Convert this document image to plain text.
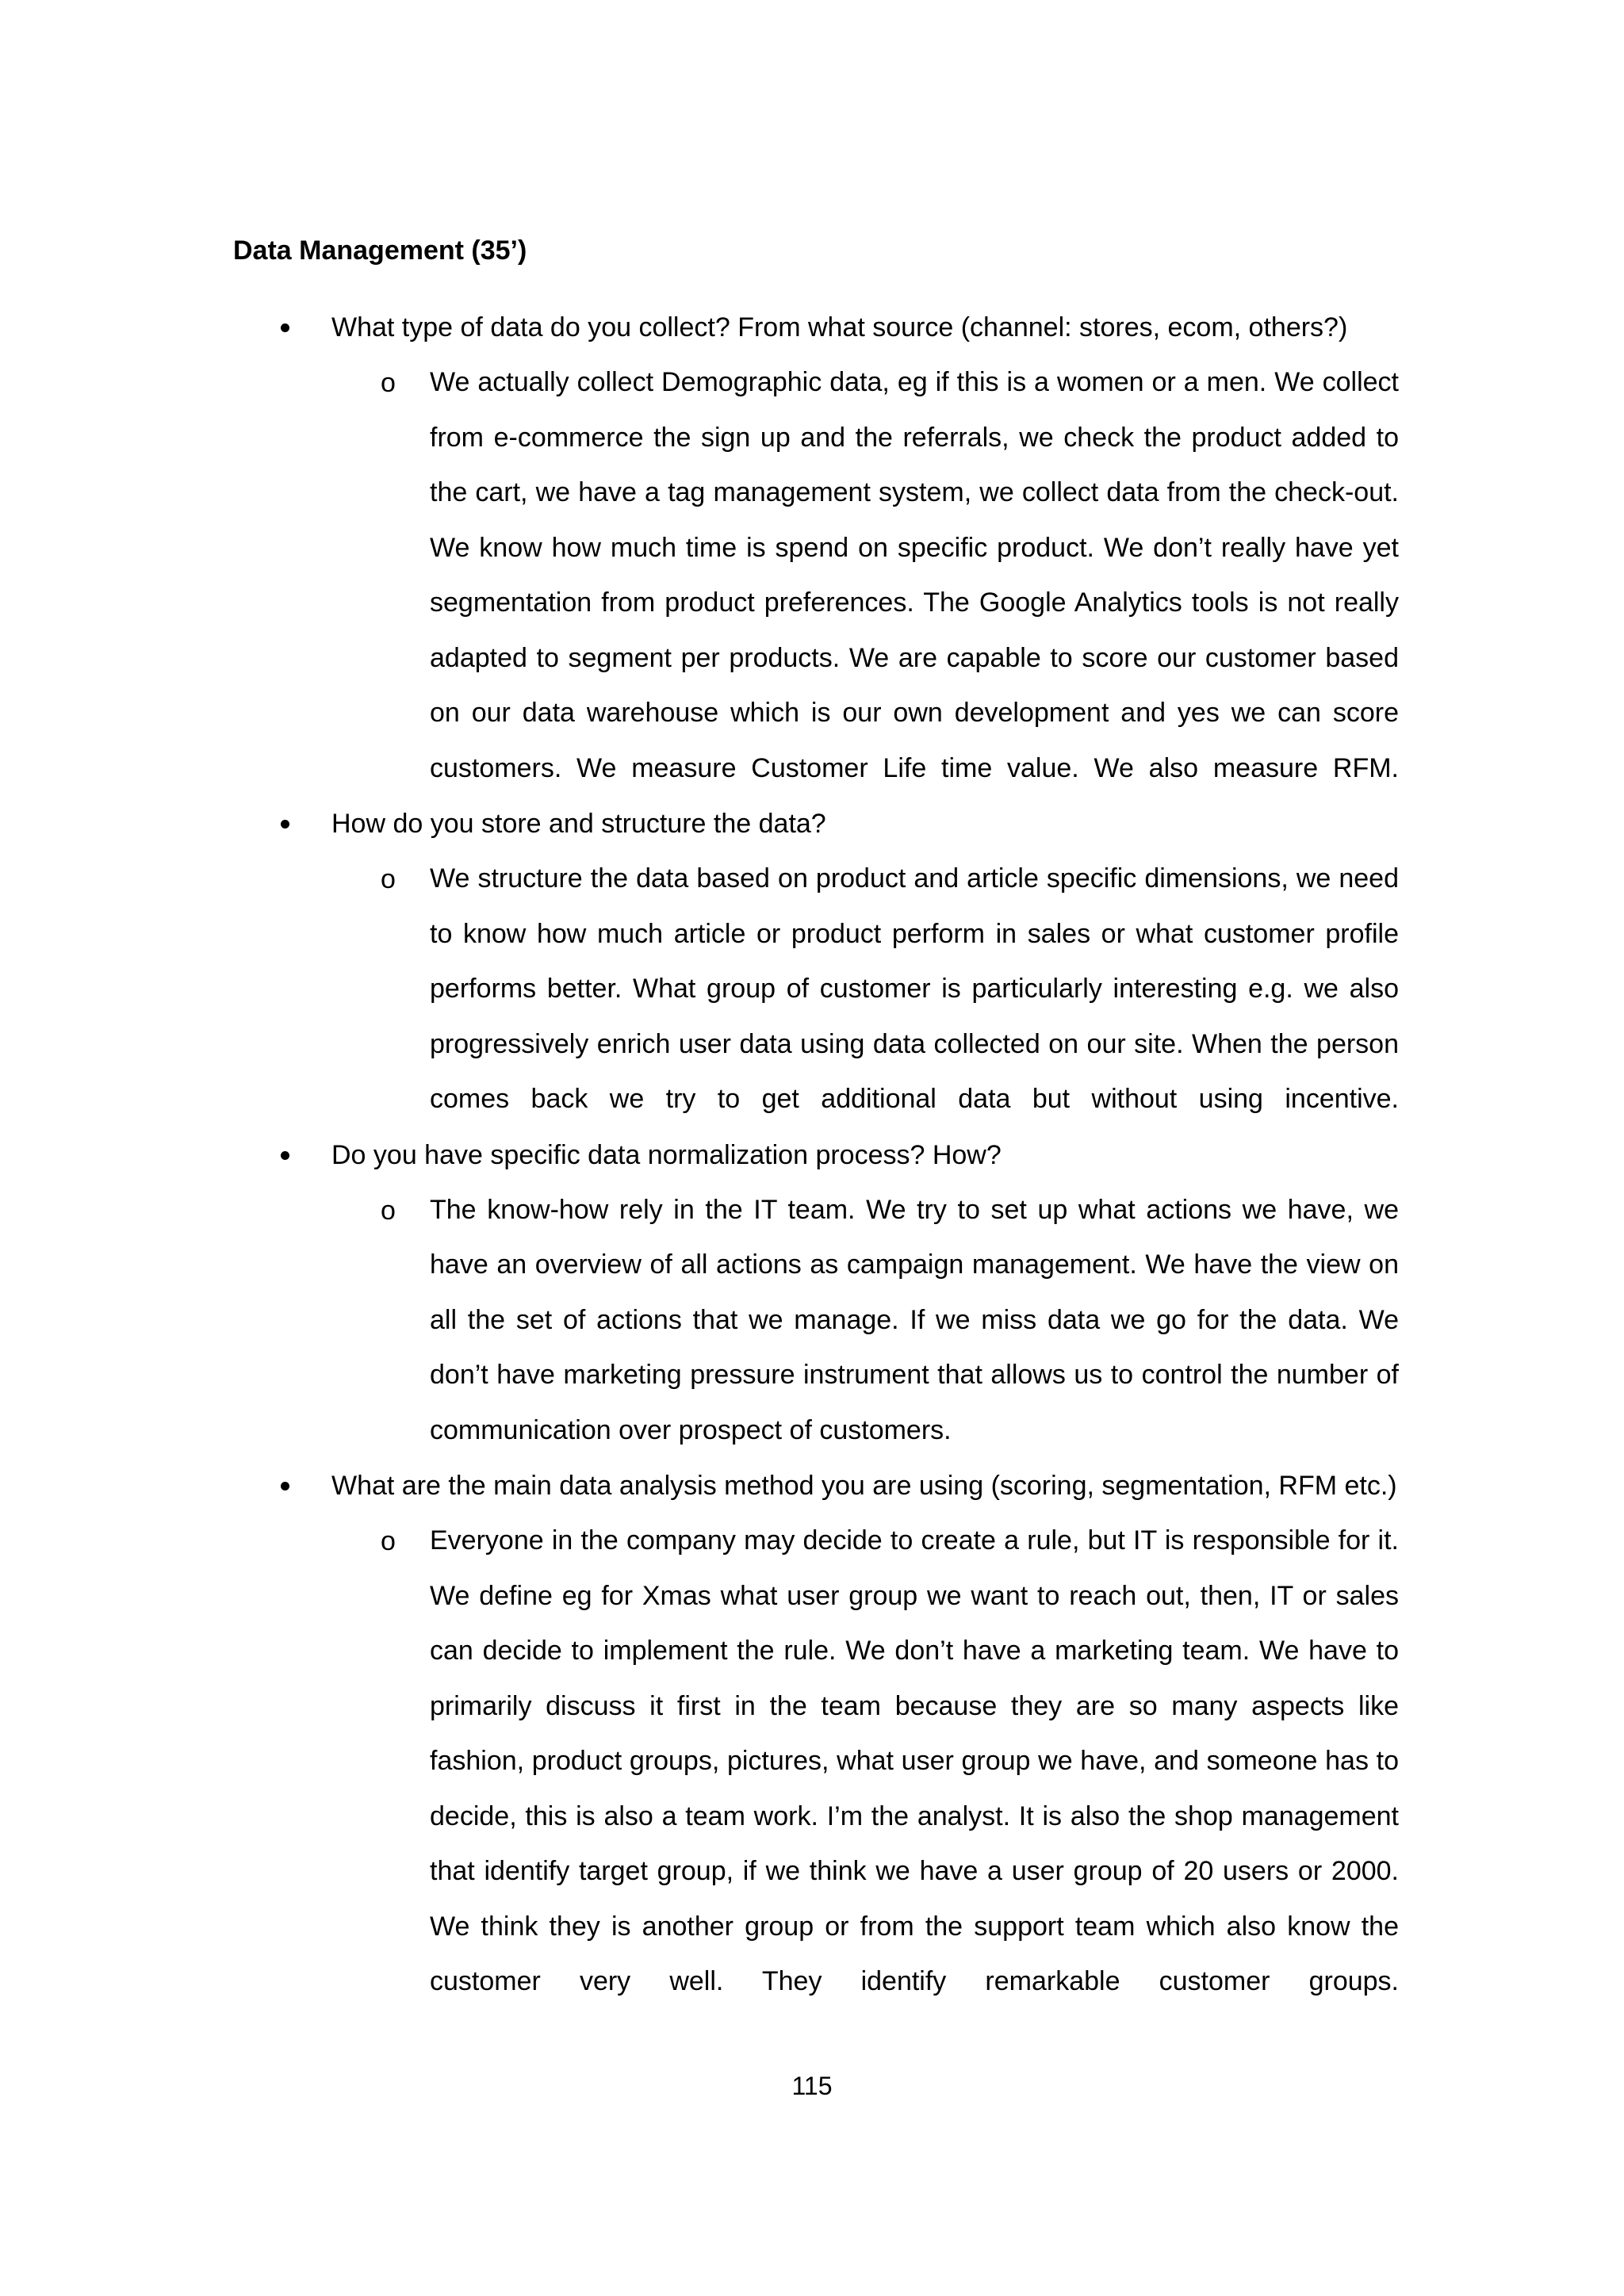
Data Management (35’)
What type of data do you collect? From what source (channel: stores, ecom, others?)
o We actually collect Demographic data, eg if this is a women or a men. We collect from e-commerce the sign up and the referrals, we check the product added to the cart, we have a tag management system, we collect data from the check-out. We know how much time is spend on specific product. We don’t really have yet segmentation from product preferences. The Google Analytics tools is not really adapted to segment per products. We are capable to score our customer based on our data warehouse which is our own development and yes we can score customers. We measure Customer Life time value. We also measure RFM.

How do you store and structure the data?
o We structure the data based on product and article specific dimensions, we need to know how much article or product perform in sales or what customer profile performs better. What group of customer is particularly interesting e.g. we also progressively enrich user data using data collected on our site. When the person comes back we try to get additional data but without using incentive.

Do you have specific data normalization process? How?
o The know-how rely in the IT team. We try to set up what actions we have, we have an overview of all actions as campaign management. We have the view on all the set of actions that we manage. If we miss data we go for the data. We don’t have marketing pressure instrument that allows us to control the number of communication over prospect of customers.

What are the main data analysis method you are using (scoring, segmentation, RFM etc.)
o Everyone in the company may decide to create a rule, but IT is responsible for it. We define eg for Xmas what user group we want to reach out, then, IT or sales can decide to implement the rule. We don’t have a marketing team. We have to primarily discuss it first in the team because they are so many aspects like fashion, product groups, pictures, what user group we have, and someone has to decide, this is also a team work. I’m the analyst. It is also the shop management that identify target group, if we think we have a user group of 20 users or 2000. We think they is another group or from the support team which also know the customer very well. They identify remarkable customer groups.

115
